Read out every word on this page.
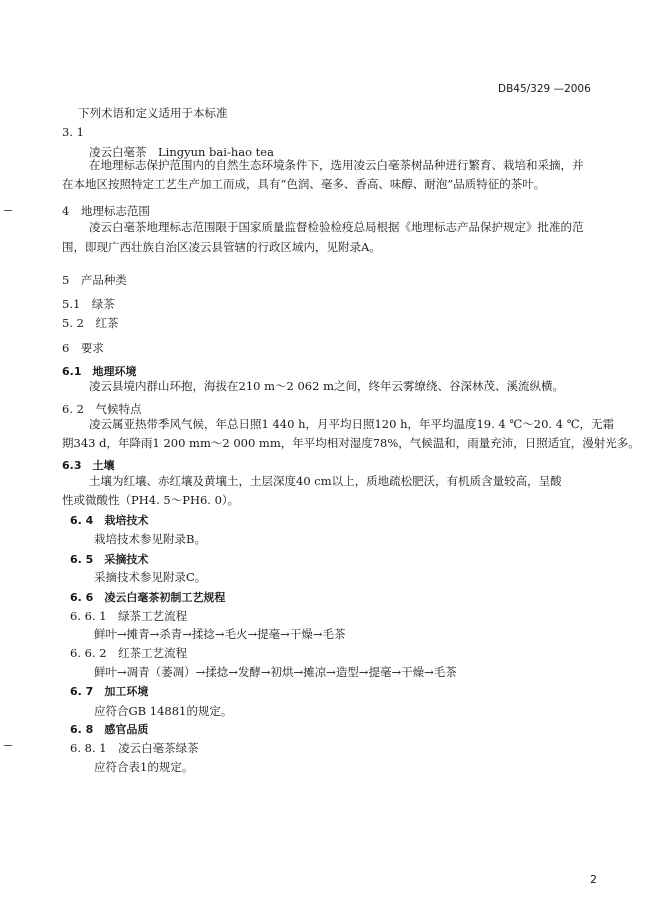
DB45/329 —2006
下列术语和定义适用于本标准
3. 1
凌云白毫茶 Lingyun bai-hao tea
在地理标志保护范围内的自然生态环境条件下，选用凌云白毫茶树品种进行繁育、栽培和采摘，并
在本地区按照特定工艺生产加工而成，具有“色润、毫多、香高、味醇、耐泡”品质特征的茶叶。
4　地理标志范围
凌云白毫茶地理标志范围限于国家质量监督检验检疫总局根据《地理标志产品保护规定》批准的范
围，即现广西壮族自治区凌云县管辖的行政区域内，见附录A。
5　产品种类
5.1　绿茶
5. 2　红茶
6　要求
6.1　地理环境
凌云县境内群山环抱，海拔在210 m～2 062 m之间，终年云雾缭绕、谷深林茂、溪流纵横。
6. 2　气候特点
凌云属亚热带季风气候，年总日照1 440 h，月平均日照120 h，年平均温度19. 4 ℃～20. 4 ℃，无霜
期343 d，年降雨1 200 mm～2 000 mm，年平均相对湿度78%，气候温和，雨量充沛，日照适宜，漫射光多。
6.3　土壤
土壤为红壤、赤红壤及黄壤土，土层深度40 cm以上，质地疏松肥沃，有机质含量较高，呈酸
性或微酸性（PH4. 5～PH6. 0）。
6. 4　栽培技术
栽培技术参见附录B。
6. 5　采摘技术
采摘技术参见附录C。
6. 6　凌云白毫茶初制工艺规程
6. 6. 1　绿茶工艺流程
鲜叶→摊青→杀青→揉捻→毛火→提毫→干燥→毛茶
6. 6. 2　红茶工艺流程
鲜叶→凋青（萎凋）→揉捻→发酵→初烘→摊凉→造型→提毫→干燥→毛茶
6. 7　加工环境
应符合GB 14881的规定。
6. 8　感官品质
6. 8. 1　凌云白毫茶绿茶
应符合表1的规定。
2
